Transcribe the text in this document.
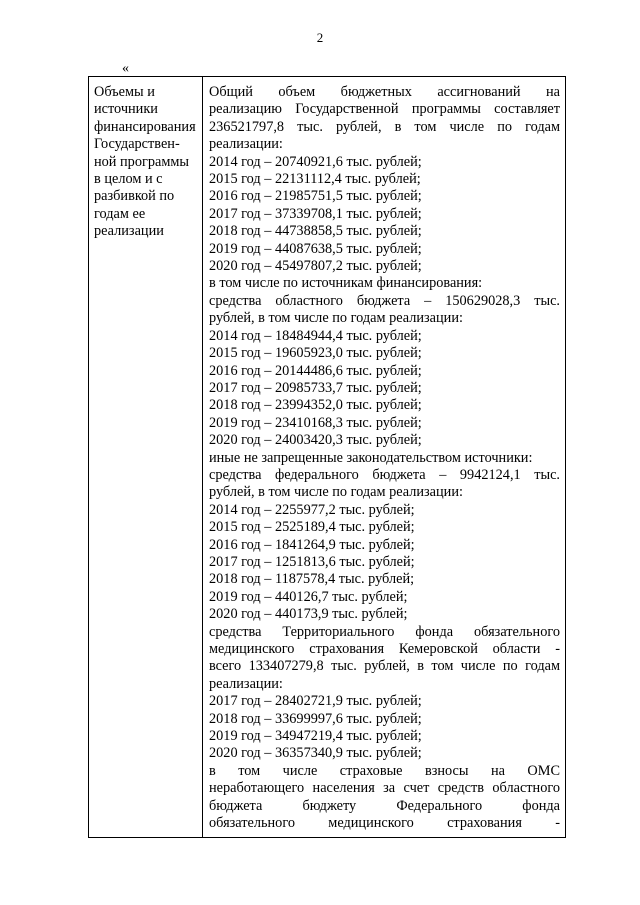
2
«
Объемы и
источники
финансирования
Государствен-
ной программы
в целом и с
разбивкой по
годам ее
реализации
Общий объем бюджетных ассигнований на
реализацию Государственной программы составляет
236521797,8 тыс. рублей, в том числе по годам
реализации:
2014 год – 20740921,6 тыс. рублей;
2015 год – 22131112,4 тыс. рублей;
2016 год – 21985751,5 тыс. рублей;
2017 год – 37339708,1 тыс. рублей;
2018 год – 44738858,5 тыс. рублей;
2019 год – 44087638,5 тыс. рублей;
2020 год – 45497807,2 тыс. рублей;
в том числе по источникам финансирования:
средства областного бюджета – 150629028,3 тыс.
рублей, в том числе по годам реализации:
2014 год – 18484944,4 тыс. рублей;
2015 год – 19605923,0 тыс. рублей;
2016 год – 20144486,6 тыс. рублей;
2017 год – 20985733,7 тыс. рублей;
2018 год – 23994352,0 тыс. рублей;
2019 год – 23410168,3 тыс. рублей;
2020 год – 24003420,3 тыс. рублей;
иные не запрещенные законодательством источники:
средства федерального бюджета – 9942124,1 тыс.
рублей, в том числе по годам реализации:
2014 год – 2255977,2 тыс. рублей;
2015 год – 2525189,4 тыс. рублей;
2016 год – 1841264,9 тыс. рублей;
2017 год – 1251813,6 тыс. рублей;
2018 год – 1187578,4 тыс. рублей;
2019 год – 440126,7 тыс. рублей;
2020 год – 440173,9 тыс. рублей;
средства Территориального фонда обязательного
медицинского страхования Кемеровской области -
всего 133407279,8 тыс. рублей, в том числе по годам
реализации:
2017 год – 28402721,9 тыс. рублей;
2018 год – 33699997,6 тыс. рублей;
2019 год – 34947219,4 тыс. рублей;
2020 год – 36357340,9 тыс. рублей;
в том числе страховые взносы на ОМС
неработающего населения за счет средств областного
бюджета бюджету Федерального фонда
обязательного медицинского страхования -
